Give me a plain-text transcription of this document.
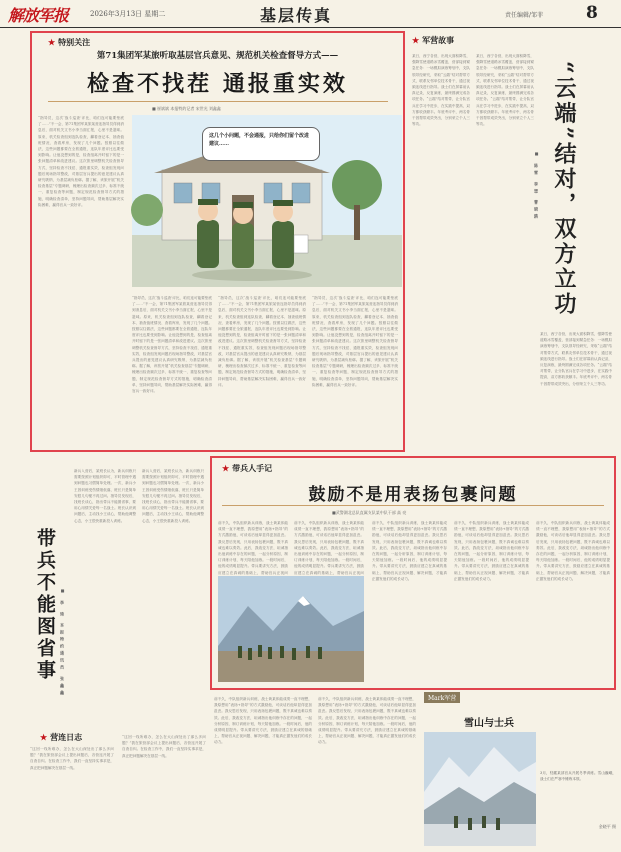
解放军报	2026年3月13日 星期二	基层传真	责任编辑/邹菲	8
★ 特别关注
第71集团军某旅听取基层官兵意见、规范机关检查督导方式——
检查不找茬 通报重实效
■ 崔斌斌 本报特约记者 宋世光 刘鑫鑫
这几个小问题，不会通报，只给你们留个改进建议……
“指导员，这次‘战斗巡查’评比，咱们连可能要垫底了……”不一会，第71集团军某旅某营连指导员得到消息后，面对机关文书小李当面汇报，心里不是滋味。原来，机关检查组到连队检查，翻看登记本、抽查值班情况、查看库房，发现了几个问题。按照以往做法，这些问题都要在全旅通报，连队年度评比也要受到影响。让他没想到的是，检查组离开时留下的是一张问题清单和改进建议。这次旅里调整机关检查督导方式，坚持检查不找茬、通报重实效，检查组发现问题后现场指导整改，对基层官兵提出的意见建议认真研究吸纳，为基层减负松绑。据了解，该旅开展“机关检查基层”专题调研，梳理出检查频次过多、标准不统一、重复检查等问题，制定规范检查督导方式的措施，明确检查清单，坚持问题导向，帮助基层解决实际困难，赢得官兵一致好评。
“指导员，这次‘战斗巡查’评比，咱们连可能要垫底了……”不一会，第71集团军某旅某营连指导员得到消息后，面对机关文书小李当面汇报，心里不是滋味。原来，机关检查组到连队检查，翻看登记本、抽查值班情况、查看库房，发现了几个问题。按照以往做法，这些问题都要在全旅通报，连队年度评比也要受到影响。让他没想到的是，检查组离开时留下的是一张问题清单和改进建议。这次旅里调整机关检查督导方式，坚持检查不找茬、通报重实效，检查组发现问题后现场指导整改，对基层官兵提出的意见建议认真研究吸纳，为基层减负松绑。据了解，该旅开展“机关检查基层”专题调研，梳理出检查频次过多、标准不统一、重复检查等问题，制定规范检查督导方式的措施，明确检查清单，坚持问题导向，帮助基层解决实际困难，赢得官兵一致好评。
“指导员，这次‘战斗巡查’评比，咱们连可能要垫底了……”不一会，第71集团军某旅某营连指导员得到消息后，面对机关文书小李当面汇报，心里不是滋味。原来，机关检查组到连队检查，翻看登记本、抽查值班情况、查看库房，发现了几个问题。按照以往做法，这些问题都要在全旅通报，连队年度评比也要受到影响。让他没想到的是，检查组离开时留下的是一张问题清单和改进建议。这次旅里调整机关检查督导方式，坚持检查不找茬、通报重实效，检查组发现问题后现场指导整改，对基层官兵提出的意见建议认真研究吸纳，为基层减负松绑。据了解，该旅开展“机关检查基层”专题调研，梳理出检查频次过多、标准不统一、重复检查等问题，制定规范检查督导方式的措施，明确检查清单，坚持问题导向，帮助基层解决实际困难，赢得官兵一致好评。
“指导员，这次‘战斗巡查’评比，咱们连可能要垫底了……”不一会，第71集团军某旅某营连指导员得到消息后，面对机关文书小李当面汇报，心里不是滋味。原来，机关检查组到连队检查，翻看登记本、抽查值班情况、查看库房，发现了几个问题。按照以往做法，这些问题都要在全旅通报，连队年度评比也要受到影响。让他没想到的是，检查组离开时留下的是一张问题清单和改进建议。这次旅里调整机关检查督导方式，坚持检查不找茬、通报重实效，检查组发现问题后现场指导整改，对基层官兵提出的意见建议认真研究吸纳，为基层减负松绑。据了解，该旅开展“机关检查基层”专题调研，梳理出检查频次过多、标准不统一、重复检查等问题，制定规范检查督导方式的措施，明确检查清单，坚持问题导向，帮助基层解决实际困难，赢得官兵一致好评。
★ 军营故事
某日，西宁各营，出现大面积降雪，强降雪使道路冰雪覆盖，营部接到紧急任务：一场模拟演练筹划中，支队领导经研究，采取“云端”结对帮带方式，联系友邻单位技术骨干，通过视频连线进行指导。战士们在屏幕前认真记录，反复演练，最终圆满完成各项任务。“云端”结对帮带，让分队官兵在学习中进步，在实践中提高，双方都收获颇丰。年底考评中，两名骨干因帮带成效突出，分别荣立个人三等功。
某日，西宁各营，出现大面积降雪，强降雪使道路冰雪覆盖，营部接到紧急任务：一场模拟演练筹划中，支队领导经研究，采取“云端”结对帮带方式，联系友邻单位技术骨干，通过视频连线进行指导。战士们在屏幕前认真记录，反复演练，最终圆满完成各项任务。“云端”结对帮带，让分队官兵在学习中进步，在实践中提高，双方都收获颇丰。年底考评中，两名骨干因帮带成效突出，分别荣立个人三等功。	“云端”结对，双方立功
■ 陈雪 李想 曹晓鸥
某日，西宁各营，出现大面积降雪，强降雪使道路冰雪覆盖，营部接到紧急任务：一场模拟演练筹划中，支队领导经研究，采取“云端”结对帮带方式，联系友邻单位技术骨干，通过视频连线进行指导。战士们在屏幕前认真记录，反复演练，最终圆满完成各项任务。“云端”结对帮带，让分队官兵在学习中进步，在实践中提高，双方都收获颇丰。年底考评中，两名骨干因帮带成效突出，分别荣立个人三等功。
★ 带兵人手记
鼓励不是用表扬包裹问题
■武警湖北总队直属支队某中队干部 高 亮
前不久，中队组织新兵训练，战士黄某体能成绩一直不理想，我原想用“表扬+指导”的方式激励他，可谈话后他却显得更加沮丧。我反思后发现，只用表扬包裹问题，既不真诚也难以奏效。此后，我改变方法，坦诚指出他训练中存在的问题，一起分析原因，制订训练计划，每天陪他加练。一段时间后，他的成绩明显提升。带兵要讲究方法，鼓励应建立在真诚的基础上，帮助官兵正视问
前不久，中队组织新兵训练，战士黄某体能成绩一直不理想，我原想用“表扬+指导”的方式激励他，可谈话后他却显得更加沮丧。我反思后发现，只用表扬包裹问题，既不真诚也难以奏效。此后，我改变方法，坦诚指出他训练中存在的问题，一起分析原因，制订训练计划，每天陪他加练。一段时间后，他的成绩明显提升。带兵要讲究方法，鼓励应建立在真诚的基础上，帮助官兵正视问
前不久，中队组织新兵训练，战士黄某体能成绩一直不理想，我原想用“表扬+指导”的方式激励他，可谈话后他却显得更加沮丧。我反思后发现，只用表扬包裹问题，既不真诚也难以奏效。此后，我改变方法，坦诚指出他训练中存在的问题，一起分析原因，制订训练计划，每天陪他加练。一段时间后，他的成绩明显提升。带兵要讲究方法，鼓励应建立在真诚的基础上，帮助官兵正视问题、解决问题，才能真正激发他们的成长动力。
前不久，中队组织新兵训练，战士黄某体能成绩一直不理想，我原想用“表扬+指导”的方式激励他，可谈话后他却显得更加沮丧。我反思后发现，只用表扬包裹问题，既不真诚也难以奏效。此后，我改变方法，坦诚指出他训练中存在的问题，一起分析原因，制订训练计划，每天陪他加练。一段时间后，他的成绩明显提升。带兵要讲究方法，鼓励应建立在真诚的基础上，帮助官兵正视问题、解决问题，才能真正激发他们的成长动力。
前不久，中队组织新兵训练，战士黄某体能成绩一直不理想，我原想用“表扬+指导”的方式激励他，可谈话后他却显得更加沮丧。我反思后发现，只用表扬包裹问题，既不真诚也难以奏效。此后，我改变方法，坦诚指出他训练中存在的问题，一起分析原因，制订训练计划，每天陪他加练。一段时间后，他的成绩明显提升。带兵要讲究方法，鼓励应建立在真诚的基础上，帮助官兵正视问题、解决问题，才能真正激发他们的成长动力。
带兵不能图省事	■ 李 琦 本报特约通讯员 张鑫鑫
新兵入营后，某班长认为，新兵训练只需要按照计划组织即可，平时管理中遇到问题也习惯简单处理。一次，新兵小王因训练受伤情绪低落，班长只是简单安慰几句便不再过问。指导员发现后，找班长谈心，指出带兵不能图省事，要用心用情关爱每一名战士。班长认识到问题后，主动找小王谈心，帮助他调整心态，小王很快重新投入训练。
新兵入营后，某班长认为，新兵训练只需要按照计划组织即可，平时管理中遇到问题也习惯简单处理。一次，新兵小王因训练受伤情绪低落，班长只是简单安慰几句便不再过问。指导员发现后，找班长谈心，指出带兵不能图省事，要用心用情关爱每一名战士。班长认识到问题后，主动找小王谈心，帮助他调整心态，小王很快重新投入训练。
★ 营连日志
“这回一线所难办，怎么在大山深处出了那么多问题？”我在旅营部会议上提出问题后，各营连开展了自查自纠。在检查工作中，我们一直坚持实事求是，真正把问题解决在基层一线。
“这回一线所难办，怎么在大山深处出了那么多问题？”我在旅营部会议上提出问题后，各营连开展了自查自纠。在检查工作中，我们一直坚持实事求是，真正把问题解决在基层一线。
前不久，中队组织新兵训练，战士黄某体能成绩一直不理想，我原想用“表扬+指导”的方式激励他，可谈话后他却显得更加沮丧。我反思后发现，只用表扬包裹问题，既不真诚也难以奏效。此后，我改变方法，坦诚指出他训练中存在的问题，一起分析原因，制订训练计划，每天陪他加练。一段时间后，他的成绩明显提升。带兵要讲究方法，鼓励应建立在真诚的基础上，帮助官兵正视问题、解决问题，才能真正激发他们的成长动力。
前不久，中队组织新兵训练，战士黄某体能成绩一直不理想，我原想用“表扬+指导”的方式激励他，可谈话后他却显得更加沮丧。我反思后发现，只用表扬包裹问题，既不真诚也难以奏效。此后，我改变方法，坦诚指出他训练中存在的问题，一起分析原因，制订训练计划，每天陪他加练。一段时间后，他的成绩明显提升。带兵要讲究方法，鼓励应建立在真诚的基础上，帮助官兵正视问题、解决问题，才能真正激发他们的成长动力。
Mark军营
雪山与士兵
3月，驻藏某部官兵开展冬季训练。雪山巍峨，战士们在严寒中锤炼本领。
金晓平 摄
